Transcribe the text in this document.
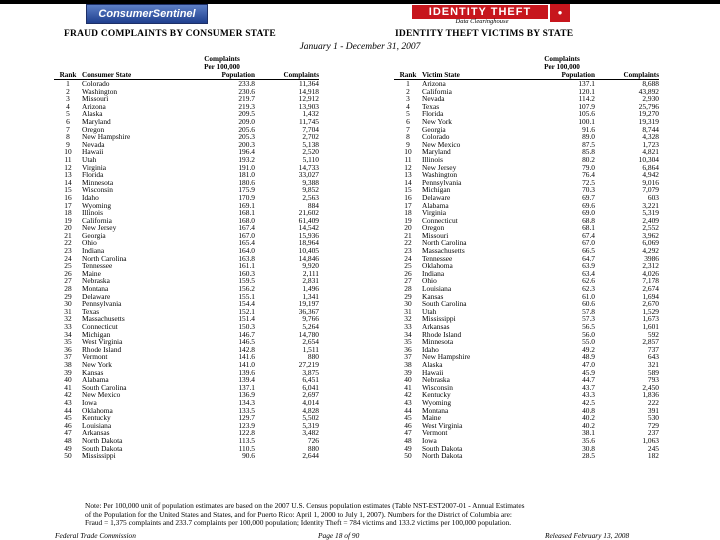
ConsumerSentinel	IDENTITY THEFT
Data Clearinghouse
●
FRAUD COMPLAINTS BY CONSUMER STATE	IDENTITY THEFT VICTIMS BY STATE
January 1 - December 31, 2007
		Complaints	
		Per 100,000	
Rank	Consumer State	Population	Complaints
1	Colorado	233.8	11,364
2	Washington	230.6	14,918
3	Missouri	219.7	12,912
4	Arizona	219.3	13,903
5	Alaska	209.5	1,432
6	Maryland	209.0	11,745
7	Oregon	205.6	7,704
8	New Hampshire	205.3	2,702
9	Nevada	200.3	5,138
10	Hawaii	196.4	2,520
11	Utah	193.2	5,110
12	Virginia	191.0	14,733
13	Florida	181.0	33,027
14	Minnesota	180.6	9,388
15	Wisconsin	175.9	9,852
16	Idaho	170.9	2,563
17	Wyoming	169.1	884
18	Illinois	168.1	21,602
19	California	168.0	61,409
20	New Jersey	167.4	14,542
21	Georgia	167.0	15,936
22	Ohio	165.4	18,964
23	Indiana	164.0	10,405
24	North Carolina	163.8	14,846
25	Tennessee	161.1	9,920
26	Maine	160.3	2,111
27	Nebraska	159.5	2,831
28	Montana	156.2	1,496
29	Delaware	155.1	1,341
30	Pennsylvania	154.4	19,197
31	Texas	152.1	36,367
32	Massachusetts	151.4	9,766
33	Connecticut	150.3	5,264
34	Michigan	146.7	14,780
35	West Virginia	146.5	2,654
36	Rhode Island	142.8	1,511
37	Vermont	141.6	880
38	New York	141.0	27,219
39	Kansas	139.6	3,875
40	Alabama	139.4	6,451
41	South Carolina	137.1	6,041
42	New Mexico	136.9	2,697
43	Iowa	134.3	4,014
44	Oklahoma	133.5	4,828
45	Kentucky	129.7	5,502
46	Louisiana	123.9	5,319
47	Arkansas	122.8	3,482
48	North Dakota	113.5	726
49	South Dakota	110.5	880
50	Mississippi	90.6	2,644
		Complaints	
		Per 100,000	
Rank	Victim State	Population	Complaints
1	Arizona	137.1	8,688
2	California	120.1	43,892
3	Nevada	114.2	2,930
4	Texas	107.9	25,796
5	Florida	105.6	19,270
6	New York	100.1	19,319
7	Georgia	91.6	8,744
8	Colorado	89.0	4,328
9	New Mexico	87.5	1,723
10	Maryland	85.8	4,821
11	Illinois	80.2	10,304
12	New Jersey	79.0	6,864
13	Washington	76.4	4,942
14	Pennsylvania	72.5	9,016
15	Michigan	70.3	7,079
16	Delaware	69.7	603
17	Alabama	69.6	3,221
18	Virginia	69.0	5,319
19	Connecticut	68.8	2,409
20	Oregon	68.1	2,552
21	Missouri	67.4	3,962
22	North Carolina	67.0	6,069
23	Massachusetts	66.5	4,292
24	Tennessee	64.7	3986
25	Oklahoma	63.9	2,312
26	Indiana	63.4	4,026
27	Ohio	62.6	7,178
28	Louisiana	62.3	2,674
29	Kansas	61.0	1,694
30	South Carolina	60.6	2,670
31	Utah	57.8	1,529
32	Mississippi	57.3	1,673
33	Arkansas	56.5	1,601
34	Rhode Island	56.0	592
35	Minnesota	55.0	2,857
36	Idaho	49.2	737
37	New Hampshire	48.9	643
38	Alaska	47.0	321
39	Hawaii	45.9	589
40	Nebraska	44.7	793
41	Wisconsin	43.7	2,450
42	Kentucky	43.3	1,836
43	Wyoming	42.5	222
44	Montana	40.8	391
45	Maine	40.2	530
46	West Virginia	40.2	729
47	Vermont	38.1	237
48	Iowa	35.6	1,063
49	South Dakota	30.8	245
50	North Dakota	28.5	182
Note: Per 100,000 unit of population estimates are based on the 2007 U.S. Census population estimates (Table NST-EST2007-01 - Annual Estimates
of the Population for the United States and States, and for Puerto Rico: April 1, 2000 to July 1, 2007). Numbers for the District of Columbia are:
Fraud = 1,375 complaints and 233.7 complaints per 100,000 population; Identity Theft = 784 victims and 133.2 victims per 100,000 population.
Federal Trade Commission	Page 18 of 90	Released February 13, 2008
